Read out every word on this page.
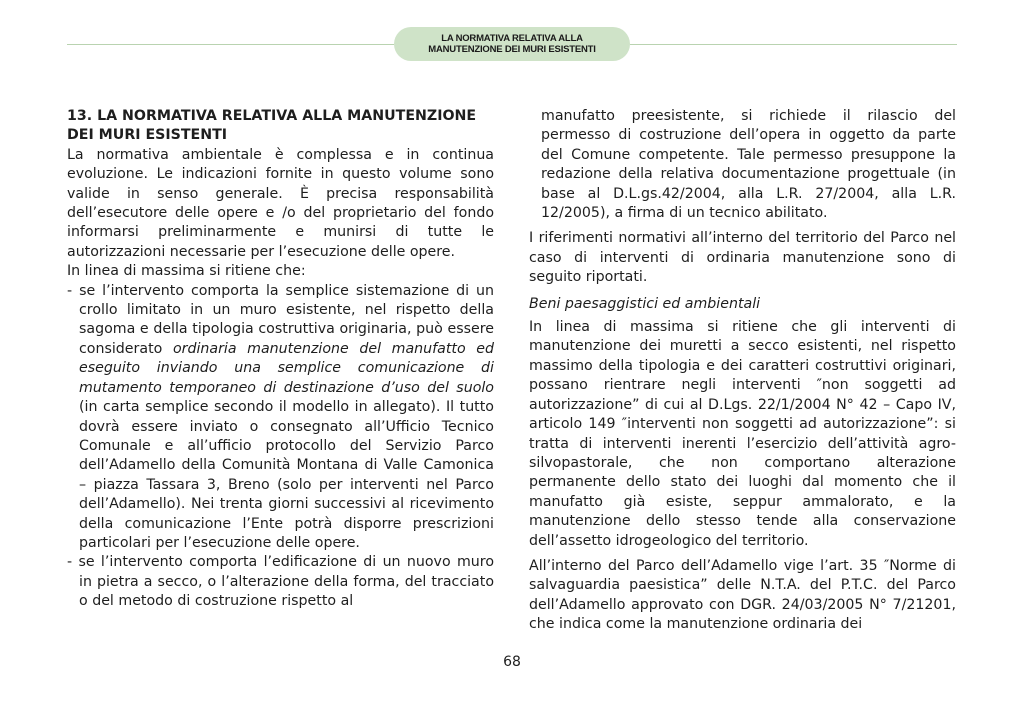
LA NORMATIVA RELATIVA ALLA
MANUTENZIONE DEI MURI ESISTENTI

13. LA NORMATIVA RELATIVA ALLA MANUTENZIONE DEI MURI ESISTENTI

La normativa ambientale è complessa e in continua evoluzione. Le indicazioni fornite in questo volume sono valide in senso generale. È precisa responsabilità dell’esecutore delle opere e /o del proprietario del fondo informarsi preliminarmente e munirsi di tutte le autorizzazioni necessarie per l’esecuzione delle opere.

In linea di massima si ritiene che:

- se l’intervento comporta la semplice sistemazione di un crollo limitato in un muro esistente, nel rispetto della sagoma e della tipologia costruttiva originaria, può essere considerato ordinaria manutenzione del manufatto ed eseguito inviando una semplice comunicazione di mutamento temporaneo di destinazione d’uso del suolo (in carta semplice secondo il modello in allegato). Il tutto dovrà essere inviato o consegnato all’Ufficio Tecnico Comunale e all’ufficio protocollo del Servizio Parco dell’Adamello della Comunità Montana di Valle Camonica – piazza Tassara 3, Breno (solo per interventi nel Parco dell’Adamello). Nei trenta giorni successivi al ricevimento della comunicazione l’Ente potrà disporre prescrizioni particolari per l’esecuzione delle opere.

- se l’intervento comporta l’edificazione di un nuovo muro in pietra a secco, o l’alterazione della forma, del tracciato o del metodo di costruzione rispetto al

manufatto preesistente, si richiede il rilascio del permesso di costruzione dell’opera in oggetto da parte del Comune competente. Tale permesso presuppone la redazione della relativa documentazione progettuale (in base al D.L.gs.42/2004, alla L.R. 27/2004, alla L.R. 12/2005), a firma di un tecnico abilitato.

I riferimenti normativi all’interno del territorio del Parco nel caso di interventi di ordinaria manutenzione sono di seguito riportati.

Beni paesaggistici ed ambientali

In linea di massima si ritiene che gli interventi di manutenzione dei muretti a secco esistenti, nel rispetto massimo della tipologia e dei caratteri costruttivi originari, possano rientrare negli interventi ″non soggetti ad autorizzazione” di cui al D.Lgs. 22/1/2004 N° 42 – Capo IV, articolo 149 ″interventi non soggetti ad autorizzazione”: si tratta di interventi inerenti l’esercizio dell’attività agro-silvopastorale, che non comportano alterazione permanente dello stato dei luoghi dal momento che il manufatto già esiste, seppur ammalorato, e la manutenzione dello stesso tende alla conservazione dell’assetto idrogeologico del territorio.

All’interno del Parco dell’Adamello vige l’art. 35 ″Norme di salvaguardia paesistica” delle N.T.A. del P.T.C. del Parco dell’Adamello approvato con DGR. 24/03/2005 N° 7/21201, che indica come la manutenzione ordinaria dei

68
